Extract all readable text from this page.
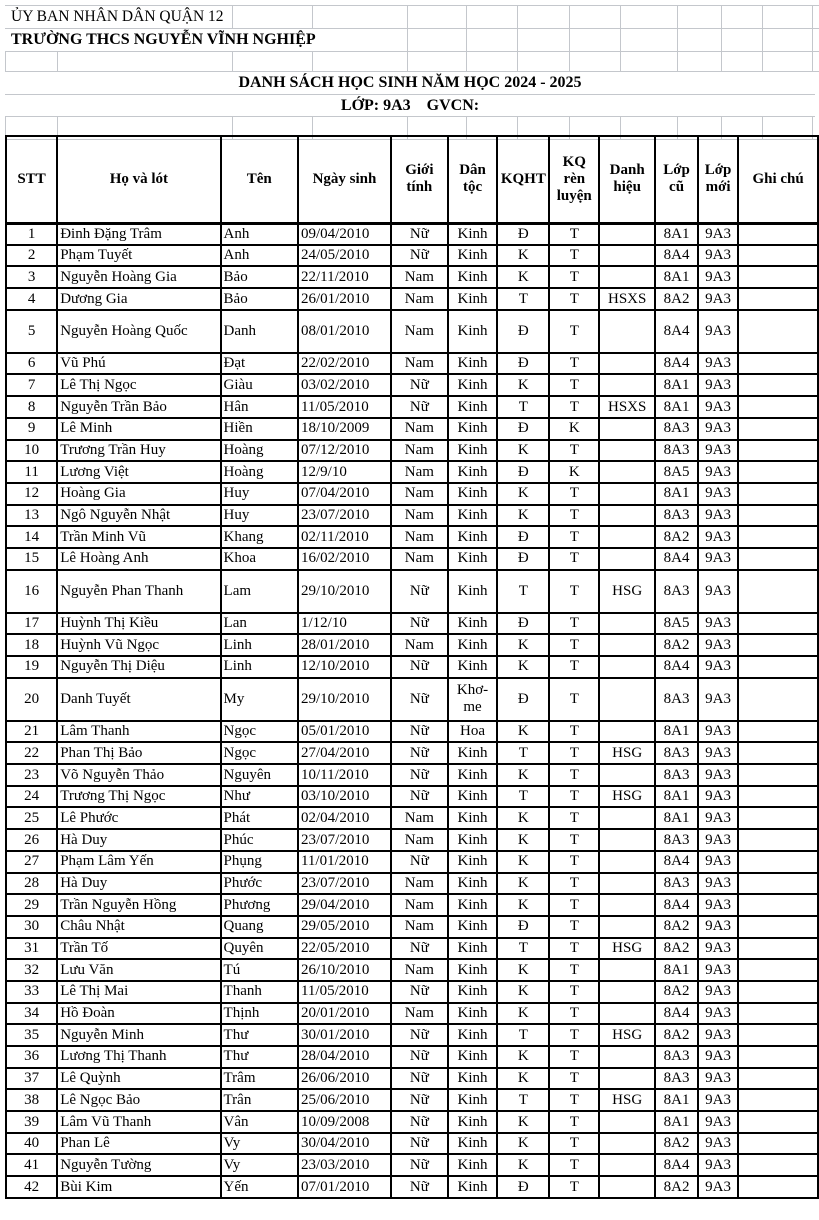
ỦY BAN NHÂN DÂN QUẬN 12
TRƯỜNG THCS NGUYỄN VĨNH NGHIỆP
DANH SÁCH HỌC SINH NĂM HỌC 2024 - 2025
LỚP: 9A3
GVCN:
STT	Họ và lót	Tên	Ngày sinh	Giới tính	Dân tộc	KQHT	KQ rèn luyện	Danh hiệu	Lớp cũ	Lớp mới	Ghi chú
1	Đinh Đặng Trâm	Anh	09/04/2010	Nữ	Kinh	Đ	T		8A1	9A3	
2	Phạm Tuyết	Anh	24/05/2010	Nữ	Kinh	K	T		8A4	9A3	
3	Nguyễn Hoàng Gia	Bảo	22/11/2010	Nam	Kinh	K	T		8A1	9A3	
4	Dương Gia	Bảo	26/01/2010	Nam	Kinh	T	T	HSXS	8A2	9A3	
5	Nguyễn Hoàng Quốc	Danh	08/01/2010	Nam	Kinh	Đ	T		8A4	9A3	
6	Vũ Phú	Đạt	22/02/2010	Nam	Kinh	Đ	T		8A4	9A3	
7	Lê Thị Ngọc	Giàu	03/02/2010	Nữ	Kinh	K	T		8A1	9A3	
8	Nguyễn Trần Bảo	Hân	11/05/2010	Nữ	Kinh	T	T	HSXS	8A1	9A3	
9	Lê Minh	Hiền	18/10/2009	Nam	Kinh	Đ	K		8A3	9A3	
10	Trương Trần Huy	Hoàng	07/12/2010	Nam	Kinh	K	T		8A3	9A3	
11	Lương Việt	Hoàng	12/9/10	Nam	Kinh	Đ	K		8A5	9A3	
12	Hoàng Gia	Huy	07/04/2010	Nam	Kinh	K	T		8A1	9A3	
13	Ngô Nguyễn Nhật	Huy	23/07/2010	Nam	Kinh	K	T		8A3	9A3	
14	Trần Minh Vũ	Khang	02/11/2010	Nam	Kinh	Đ	T		8A2	9A3	
15	Lê Hoàng Anh	Khoa	16/02/2010	Nam	Kinh	Đ	T		8A4	9A3	
16	Nguyễn Phan Thanh	Lam	29/10/2010	Nữ	Kinh	T	T	HSG	8A3	9A3	
17	Huỳnh Thị Kiều	Lan	1/12/10	Nữ	Kinh	Đ	T		8A5	9A3	
18	Huỳnh Vũ Ngọc	Linh	28/01/2010	Nam	Kinh	K	T		8A2	9A3	
19	Nguyễn Thị Diệu	Linh	12/10/2010	Nữ	Kinh	K	T		8A4	9A3	
20	Danh Tuyết	My	29/10/2010	Nữ	Khơ-me	Đ	T		8A3	9A3	
21	Lâm Thanh	Ngọc	05/01/2010	Nữ	Hoa	K	T		8A1	9A3	
22	Phan Thị Bảo	Ngọc	27/04/2010	Nữ	Kinh	T	T	HSG	8A3	9A3	
23	Võ Nguyễn Thảo	Nguyên	10/11/2010	Nữ	Kinh	K	T		8A3	9A3	
24	Trương Thị Ngọc	Như	03/10/2010	Nữ	Kinh	T	T	HSG	8A1	9A3	
25	Lê Phước	Phát	02/04/2010	Nam	Kinh	K	T		8A1	9A3	
26	Hà Duy	Phúc	23/07/2010	Nam	Kinh	K	T		8A3	9A3	
27	Phạm Lâm Yến	Phụng	11/01/2010	Nữ	Kinh	K	T		8A4	9A3	
28	Hà Duy	Phước	23/07/2010	Nam	Kinh	K	T		8A3	9A3	
29	Trần Nguyễn Hồng	Phương	29/04/2010	Nam	Kinh	K	T		8A4	9A3	
30	Châu Nhật	Quang	29/05/2010	Nam	Kinh	Đ	T		8A2	9A3	
31	Trần Tố	Quyên	22/05/2010	Nữ	Kinh	T	T	HSG	8A2	9A3	
32	Lưu Văn	Tú	26/10/2010	Nam	Kinh	K	T		8A1	9A3	
33	Lê Thị Mai	Thanh	11/05/2010	Nữ	Kinh	K	T		8A2	9A3	
34	Hồ Đoàn	Thịnh	20/01/2010	Nam	Kinh	K	T		8A4	9A3	
35	Nguyễn Minh	Thư	30/01/2010	Nữ	Kinh	T	T	HSG	8A2	9A3	
36	Lương Thị Thanh	Thư	28/04/2010	Nữ	Kinh	K	T		8A3	9A3	
37	Lê Quỳnh	Trâm	26/06/2010	Nữ	Kinh	K	T		8A3	9A3	
38	Lê Ngọc Bảo	Trân	25/06/2010	Nữ	Kinh	T	T	HSG	8A1	9A3	
39	Lâm Vũ Thanh	Vân	10/09/2008	Nữ	Kinh	K	T		8A1	9A3	
40	Phan Lê	Vy	30/04/2010	Nữ	Kinh	K	T		8A2	9A3	
41	Nguyễn Tường	Vy	23/03/2010	Nữ	Kinh	K	T		8A4	9A3	
42	Bùi Kim	Yến	07/01/2010	Nữ	Kinh	Đ	T		8A2	9A3	
